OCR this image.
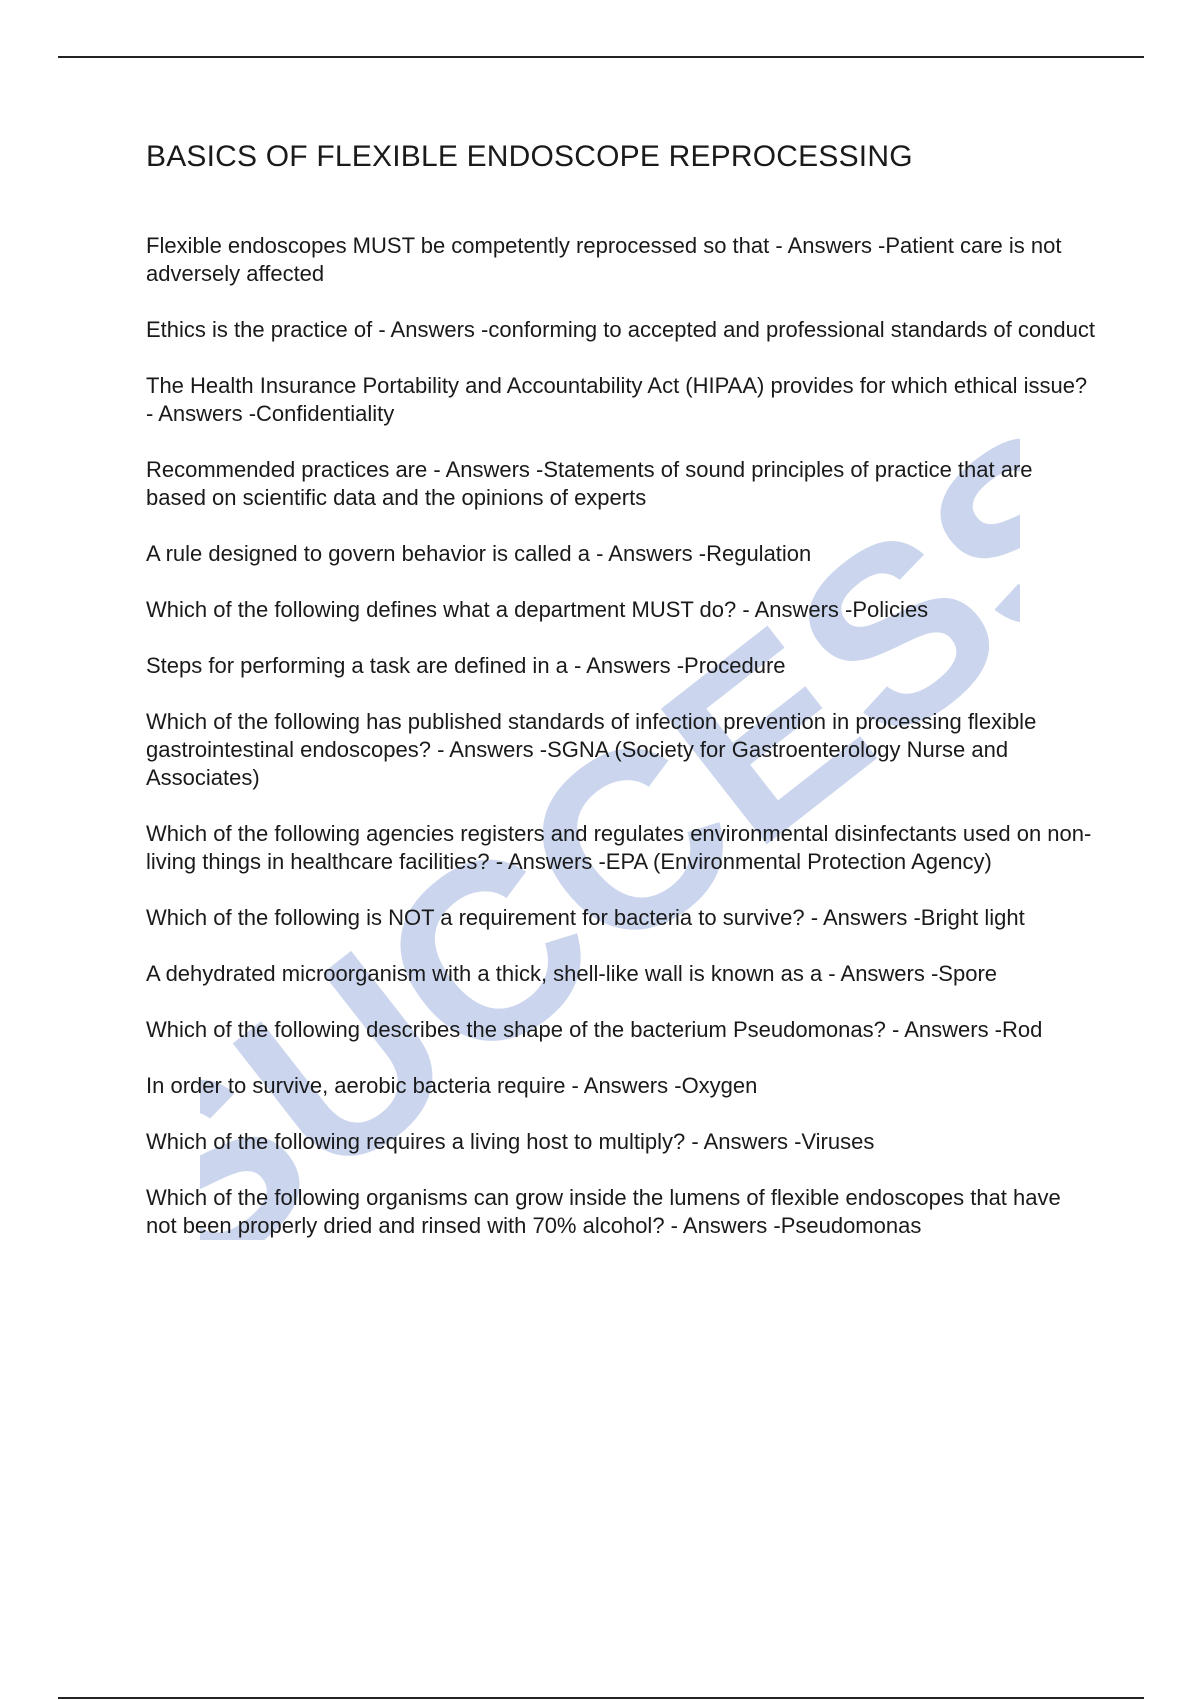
SUCCESS
BASICS OF FLEXIBLE ENDOSCOPE REPROCESSING
Flexible endoscopes MUST be competently reprocessed so that - Answers -Patient care is not adversely affected
Ethics is the practice of - Answers -conforming to accepted and professional standards of conduct
The Health Insurance Portability and Accountability Act (HIPAA) provides for which ethical issue? - Answers -Confidentiality
Recommended practices are - Answers -Statements of sound principles of practice that are based on scientific data and the opinions of experts
A rule designed to govern behavior is called a - Answers -Regulation
Which of the following defines what a department MUST do? - Answers -Policies
Steps for performing a task are defined in a - Answers -Procedure
Which of the following has published standards of infection prevention in processing flexible gastrointestinal endoscopes? - Answers -SGNA (Society for Gastroenterology Nurse and Associates)
Which of the following agencies registers and regulates environmental disinfectants used on non-living things in healthcare facilities? - Answers -EPA (Environmental Protection Agency)
Which of the following is NOT a requirement for bacteria to survive? - Answers -Bright light
A dehydrated microorganism with a thick, shell-like wall is known as a - Answers -Spore
Which of the following describes the shape of the bacterium Pseudomonas? - Answers -Rod
In order to survive, aerobic bacteria require - Answers -Oxygen
Which of the following requires a living host to multiply? - Answers -Viruses
Which of the following organisms can grow inside the lumens of flexible endoscopes that have not been properly dried and rinsed with 70% alcohol? - Answers -Pseudomonas
